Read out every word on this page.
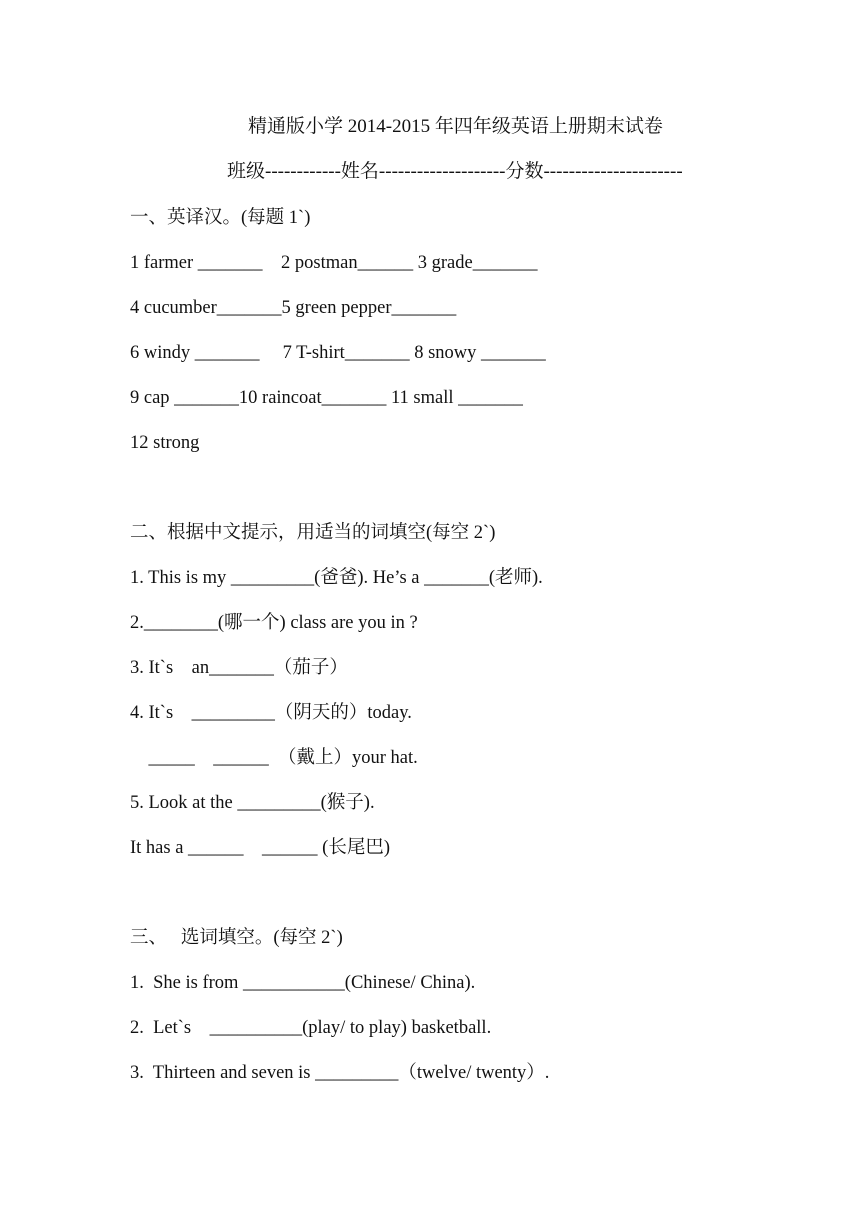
精通版小学 2014-2015 年四年级英语上册期末试卷
班级------------姓名--------------------分数----------------------
一、英译汉。(每题 1`)
1 farmer _______    2 postman______ 3 grade_______
4 cucumber_______5 green pepper_______
6 windy _______     7 T-shirt_______ 8 snowy _______
9 cap _______10 raincoat_______ 11 small _______
12 strong
二、根据中文提示，用适当的词填空(每空 2`)
1. This is my _________(爸爸). He’s a _______(老师).
2.________(哪一个) class are you in ?
3. It`s    an_______（茄子）
4. It`s    _________（阴天的）today.
_____    ______  （戴上）your hat.
5. Look at the _________(猴子).
It has a ______    ______ (长尾巴)
三、   选词填空。(每空 2`)
1.  She is from ___________(Chinese/ China).
2.  Let`s    __________(play/ to play) basketball.
3.  Thirteen and seven is _________（twelve/ twenty）.
